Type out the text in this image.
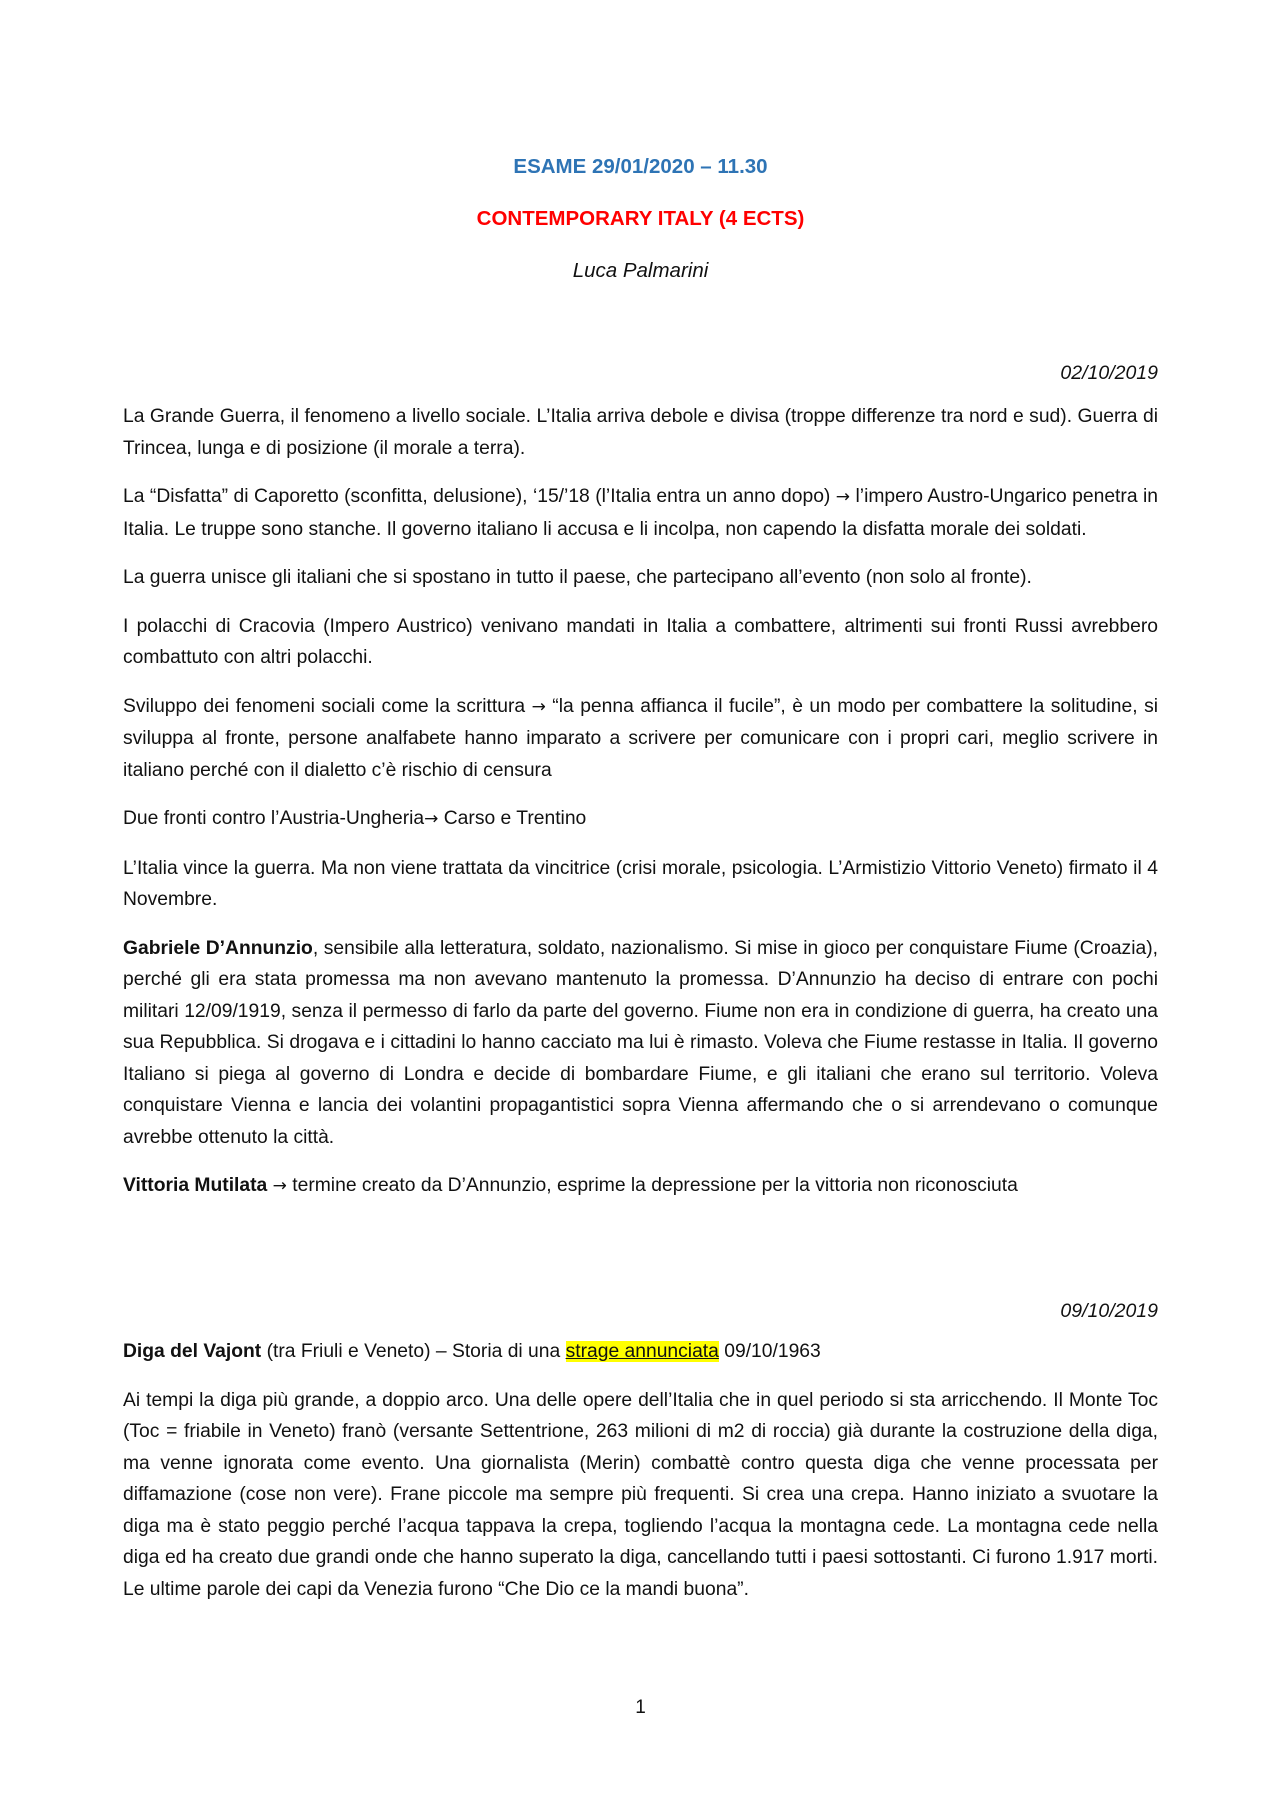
ESAME 29/01/2020 – 11.30
CONTEMPORARY ITALY (4 ECTS)
Luca Palmarini
02/10/2019

La Grande Guerra, il fenomeno a livello sociale. L’Italia arriva debole e divisa (troppe differenze tra nord e sud). Guerra di Trincea, lunga e di posizione (il morale a terra).

La “Disfatta” di Caporetto (sconfitta, delusione), ‘15/’18 (l’Italia entra un anno dopo) → l’impero Austro-Ungarico penetra in Italia. Le truppe sono stanche. Il governo italiano li accusa e li incolpa, non capendo la disfatta morale dei soldati.

La guerra unisce gli italiani che si spostano in tutto il paese, che partecipano all’evento (non solo al fronte).

I polacchi di Cracovia (Impero Austrico) venivano mandati in Italia a combattere, altrimenti sui fronti Russi avrebbero combattuto con altri polacchi.

Sviluppo dei fenomeni sociali come la scrittura → “la penna affianca il fucile”, è un modo per combattere la solitudine, si sviluppa al fronte, persone analfabete hanno imparato a scrivere per comunicare con i propri cari, meglio scrivere in italiano perché con il dialetto c’è rischio di censura

Due fronti contro l’Austria-Ungheria→ Carso e Trentino

L’Italia vince la guerra. Ma non viene trattata da vincitrice (crisi morale, psicologia. L’Armistizio Vittorio Veneto) firmato il 4 Novembre.

Gabriele D’Annunzio, sensibile alla letteratura, soldato, nazionalismo. Si mise in gioco per conquistare Fiume (Croazia), perché gli era stata promessa ma non avevano mantenuto la promessa. D’Annunzio ha deciso di entrare con pochi militari 12/09/1919, senza il permesso di farlo da parte del governo. Fiume non era in condizione di guerra, ha creato una sua Repubblica. Si drogava e i cittadini lo hanno cacciato ma lui è rimasto. Voleva che Fiume restasse in Italia. Il governo Italiano si piega al governo di Londra e decide di bombardare Fiume, e gli italiani che erano sul territorio. Voleva conquistare Vienna e lancia dei volantini propagantistici sopra Vienna affermando che o si arrendevano o comunque avrebbe ottenuto la città.

Vittoria Mutilata → termine creato da D’Annunzio, esprime la depressione per la vittoria non riconosciuta

09/10/2019

Diga del Vajont (tra Friuli e Veneto) – Storia di una strage annunciata 09/10/1963

Ai tempi la diga più grande, a doppio arco. Una delle opere dell’Italia che in quel periodo si sta arricchendo. Il Monte Toc (Toc = friabile in Veneto) franò (versante Settentrione, 263 milioni di m2 di roccia) già durante la costruzione della diga, ma venne ignorata come evento. Una giornalista (Merin) combattè contro questa diga che venne processata per diffamazione (cose non vere). Frane piccole ma sempre più frequenti. Si crea una crepa. Hanno iniziato a svuotare la diga ma è stato peggio perché l’acqua tappava la crepa, togliendo l’acqua la montagna cede. La montagna cede nella diga ed ha creato due grandi onde che hanno superato la diga, cancellando tutti i paesi sottostanti. Ci furono 1.917 morti. Le ultime parole dei capi da Venezia furono “Che Dio ce la mandi buona”.

1
